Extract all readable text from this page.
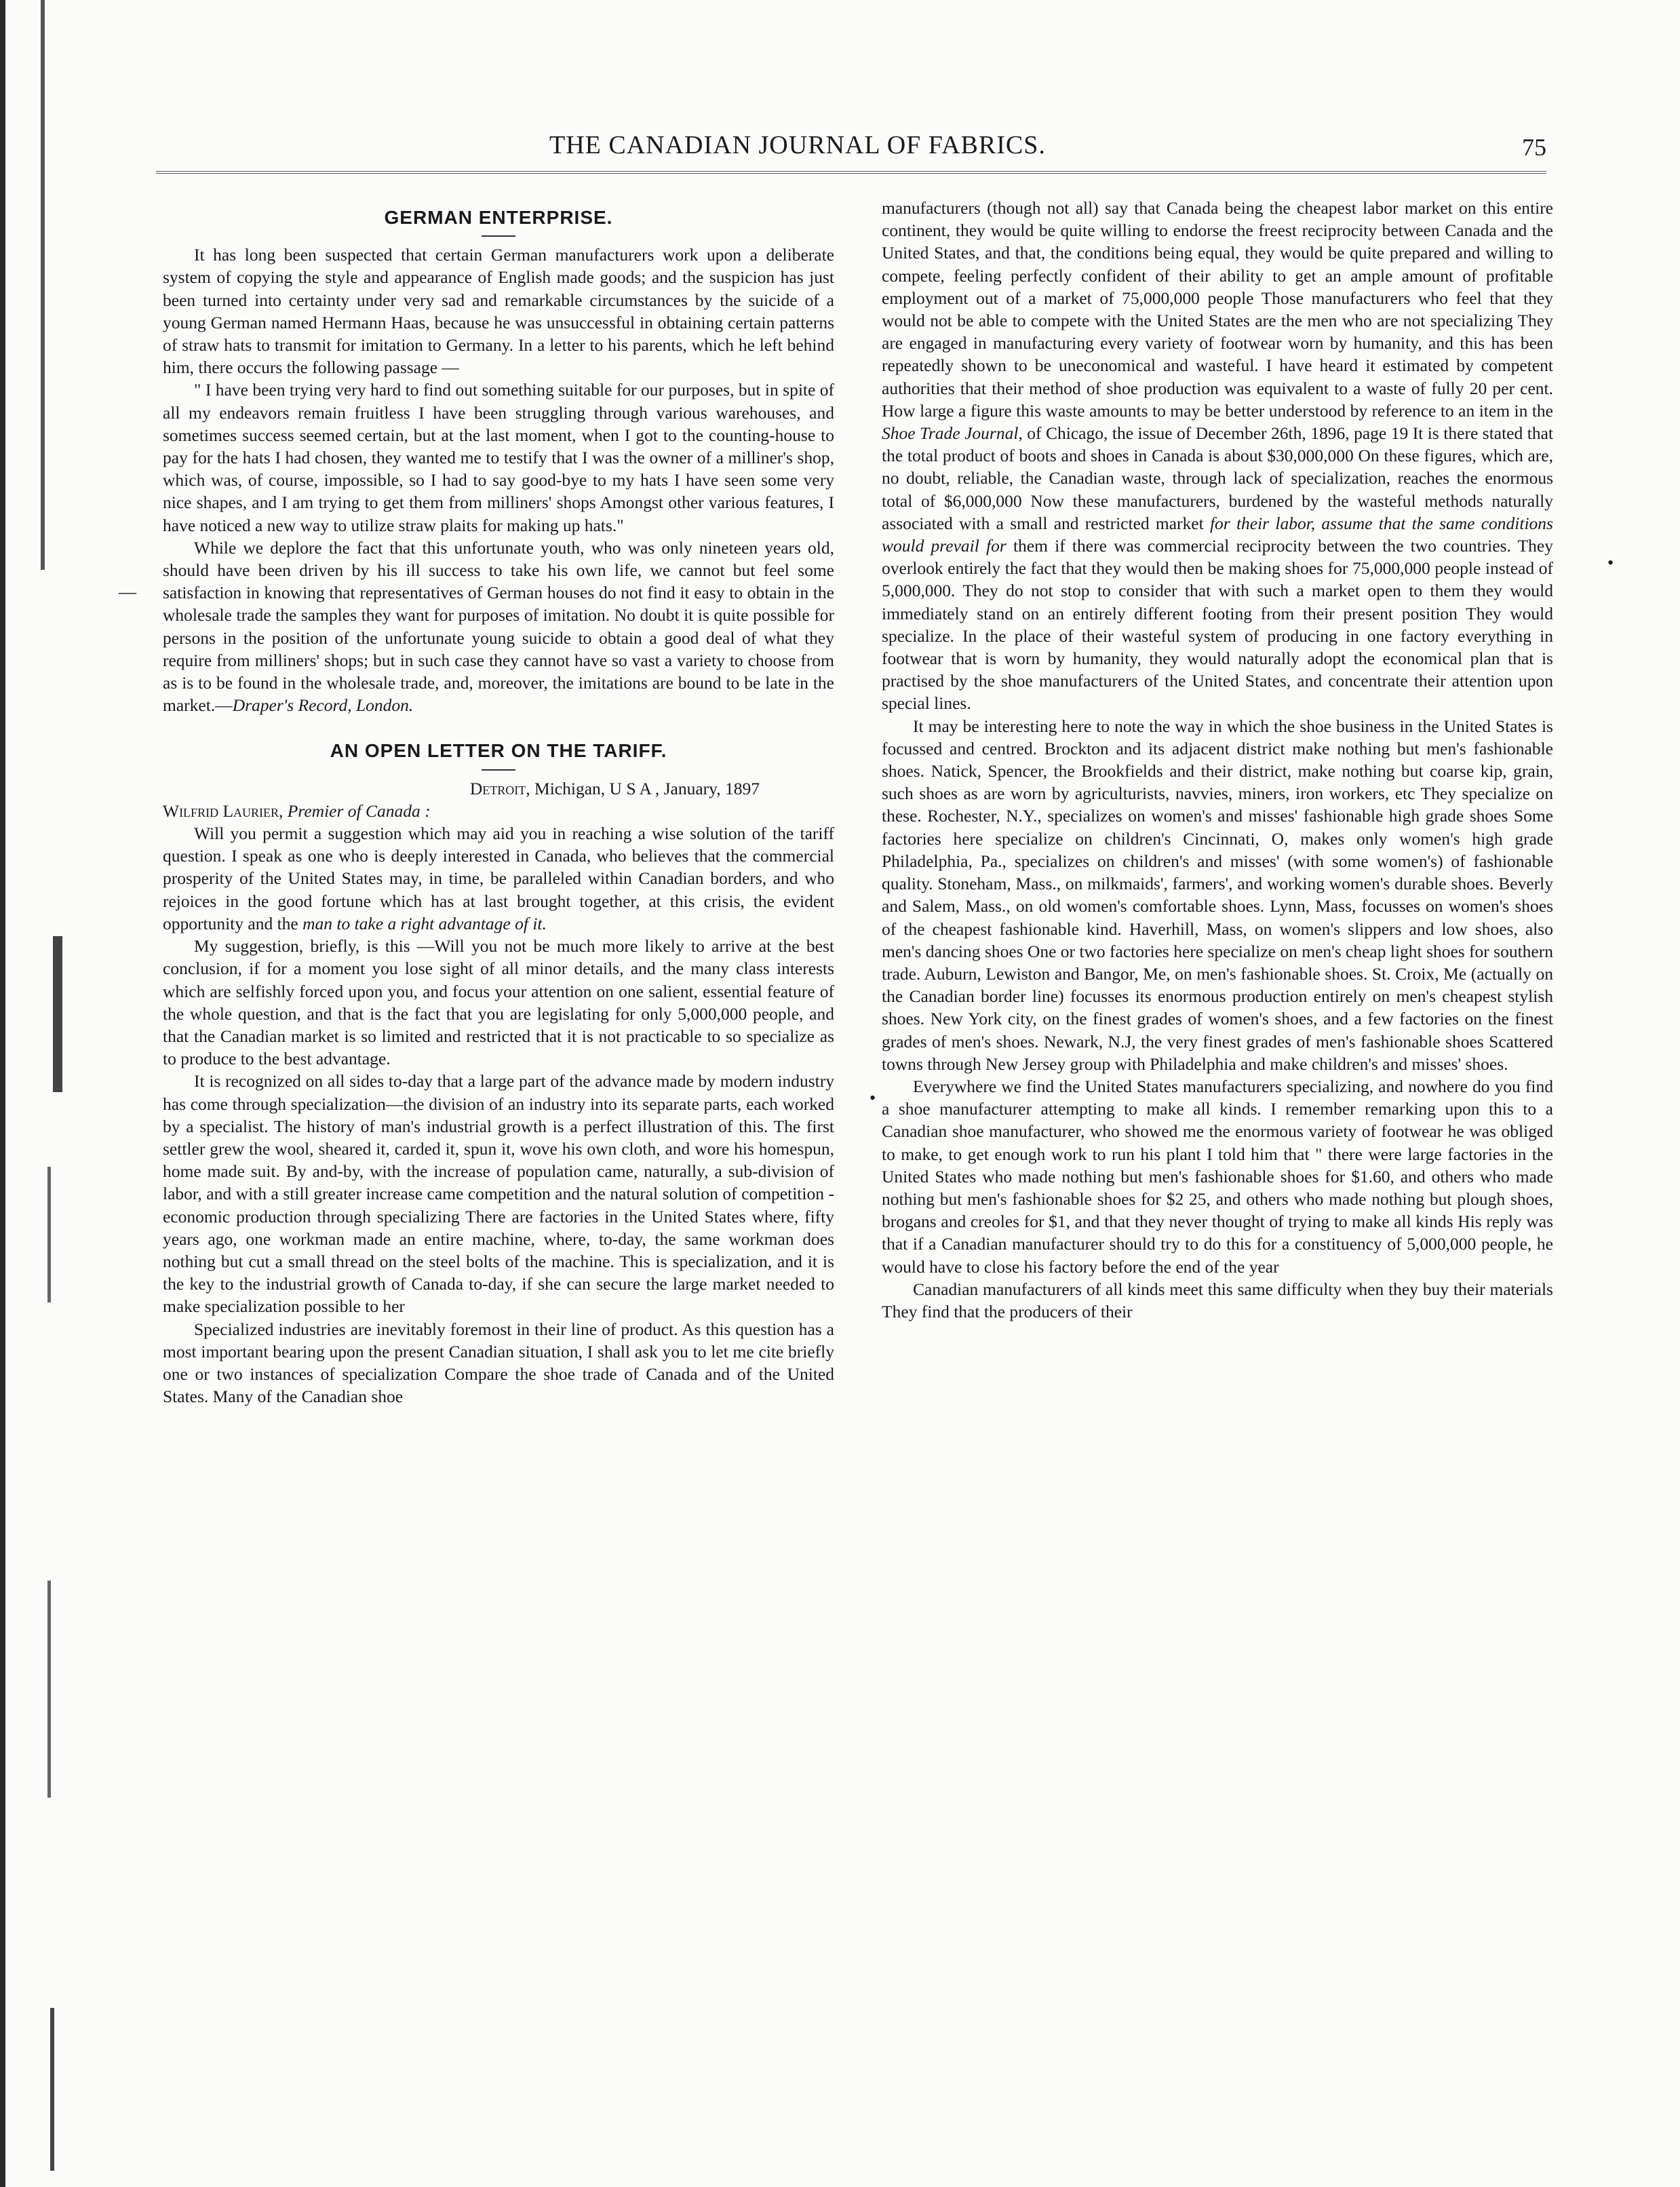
THE CANADIAN JOURNAL OF FABRICS.	75
—
•
•
GERMAN ENTERPRISE.

It has long been suspected that certain German manufacturers work upon a deliberate system of copying the style and appearance of English made goods; and the suspicion has just been turned into certainty under very sad and remarkable circumstances by the suicide of a young German named Hermann Haas, because he was unsuccessful in obtaining certain patterns of straw hats to transmit for imitation to Germany. In a letter to his parents, which he left behind him, there occurs the following passage —

" I have been trying very hard to find out something suitable for our purposes, but in spite of all my endeavors remain fruitless I have been struggling through various warehouses, and sometimes success seemed certain, but at the last moment, when I got to the counting-house to pay for the hats I had chosen, they wanted me to testify that I was the owner of a milliner's shop, which was, of course, impossible, so I had to say good-bye to my hats I have seen some very nice shapes, and I am trying to get them from milliners' shops Amongst other various features, I have noticed a new way to utilize straw plaits for making up hats."

While we deplore the fact that this unfortunate youth, who was only nineteen years old, should have been driven by his ill success to take his own life, we cannot but feel some satisfaction in knowing that representatives of German houses do not find it easy to obtain in the wholesale trade the samples they want for purposes of imitation. No doubt it is quite possible for persons in the position of the unfortunate young suicide to obtain a good deal of what they require from milliners' shops; but in such case they cannot have so vast a variety to choose from as is to be found in the wholesale trade, and, moreover, the imitations are bound to be late in the market.—Draper's Record, London.

AN OPEN LETTER ON THE TARIFF.

Detroit, Michigan, U S A , January, 1897

Wilfrid Laurier, Premier of Canada :

Will you permit a suggestion which may aid you in reaching a wise solution of the tariff question. I speak as one who is deeply interested in Canada, who believes that the commercial prosperity of the United States may, in time, be paralleled within Canadian borders, and who rejoices in the good fortune which has at last brought together, at this crisis, the evident opportunity and the man to take a right advantage of it.

My suggestion, briefly, is this —Will you not be much more likely to arrive at the best conclusion, if for a moment you lose sight of all minor details, and the many class interests which are selfishly forced upon you, and focus your attention on one salient, essential feature of the whole question, and that is the fact that you are legislating for only 5,000,000 people, and that the Canadian market is so limited and restricted that it is not practicable to so specialize as to produce to the best advantage.

It is recognized on all sides to-day that a large part of the advance made by modern industry has come through specialization—the division of an industry into its separate parts, each worked by a specialist. The history of man's industrial growth is a perfect illustration of this. The first settler grew the wool, sheared it, carded it, spun it, wove his own cloth, and wore his homespun, home made suit. By and-by, with the increase of population came, naturally, a sub-division of labor, and with a still greater increase came competition and the natural solution of competition - economic production through specializing There are factories in the United States where, fifty years ago, one workman made an entire machine, where, to-day, the same workman does nothing but cut a small thread on the steel bolts of the machine. This is specialization, and it is the key to the industrial growth of Canada to-day, if she can secure the large market needed to make specialization possible to her

Specialized industries are inevitably foremost in their line of product. As this question has a most important bearing upon the present Canadian situation, I shall ask you to let me cite briefly one or two instances of specialization Compare the shoe trade of Canada and of the United States. Many of the Canadian shoe

manufacturers (though not all) say that Canada being the cheapest labor market on this entire continent, they would be quite willing to endorse the freest reciprocity between Canada and the United States, and that, the conditions being equal, they would be quite prepared and willing to compete, feeling perfectly confident of their ability to get an ample amount of profitable employment out of a market of 75,000,000 people Those manufacturers who feel that they would not be able to compete with the United States are the men who are not specializing They are engaged in manufacturing every variety of footwear worn by humanity, and this has been repeatedly shown to be uneconomical and wasteful. I have heard it estimated by competent authorities that their method of shoe production was equivalent to a waste of fully 20 per cent. How large a figure this waste amounts to may be better understood by reference to an item in the Shoe Trade Journal, of Chicago, the issue of December 26th, 1896, page 19 It is there stated that the total product of boots and shoes in Canada is about $30,000,000 On these figures, which are, no doubt, reliable, the Canadian waste, through lack of specialization, reaches the enormous total of $6,000,000 Now these manufacturers, burdened by the wasteful methods naturally associated with a small and restricted market for their labor, assume that the same conditions would prevail for them if there was commercial reciprocity between the two countries. They overlook entirely the fact that they would then be making shoes for 75,000,000 people instead of 5,000,000. They do not stop to consider that with such a market open to them they would immediately stand on an entirely different footing from their present position They would specialize. In the place of their wasteful system of producing in one factory everything in footwear that is worn by humanity, they would naturally adopt the economical plan that is practised by the shoe manufacturers of the United States, and concentrate their attention upon special lines.

It may be interesting here to note the way in which the shoe business in the United States is focussed and centred. Brockton and its adjacent district make nothing but men's fashionable shoes. Natick, Spencer, the Brookfields and their district, make nothing but coarse kip, grain, such shoes as are worn by agriculturists, navvies, miners, iron workers, etc They specialize on these. Rochester, N.Y., specializes on women's and misses' fashionable high grade shoes Some factories here specialize on children's Cincinnati, O, makes only women's high grade Philadelphia, Pa., specializes on children's and misses' (with some women's) of fashionable quality. Stoneham, Mass., on milkmaids', farmers', and working women's durable shoes. Beverly and Salem, Mass., on old women's comfortable shoes. Lynn, Mass, focusses on women's shoes of the cheapest fashionable kind. Haverhill, Mass, on women's slippers and low shoes, also men's dancing shoes One or two factories here specialize on men's cheap light shoes for southern trade. Auburn, Lewiston and Bangor, Me, on men's fashionable shoes. St. Croix, Me (actually on the Canadian border line) focusses its enormous production entirely on men's cheapest stylish shoes. New York city, on the finest grades of women's shoes, and a few factories on the finest grades of men's shoes. Newark, N.J, the very finest grades of men's fashionable shoes Scattered towns through New Jersey group with Philadelphia and make children's and misses' shoes.

Everywhere we find the United States manufacturers specializing, and nowhere do you find a shoe manufacturer attempting to make all kinds. I remember remarking upon this to a Canadian shoe manufacturer, who showed me the enormous variety of footwear he was obliged to make, to get enough work to run his plant I told him that " there were large factories in the United States who made nothing but men's fashionable shoes for $1.60, and others who made nothing but men's fashionable shoes for $2 25, and others who made nothing but plough shoes, brogans and creoles for $1, and that they never thought of trying to make all kinds His reply was that if a Canadian manufacturer should try to do this for a constituency of 5,000,000 people, he would have to close his factory before the end of the year

Canadian manufacturers of all kinds meet this same difficulty when they buy their materials They find that the producers of their
